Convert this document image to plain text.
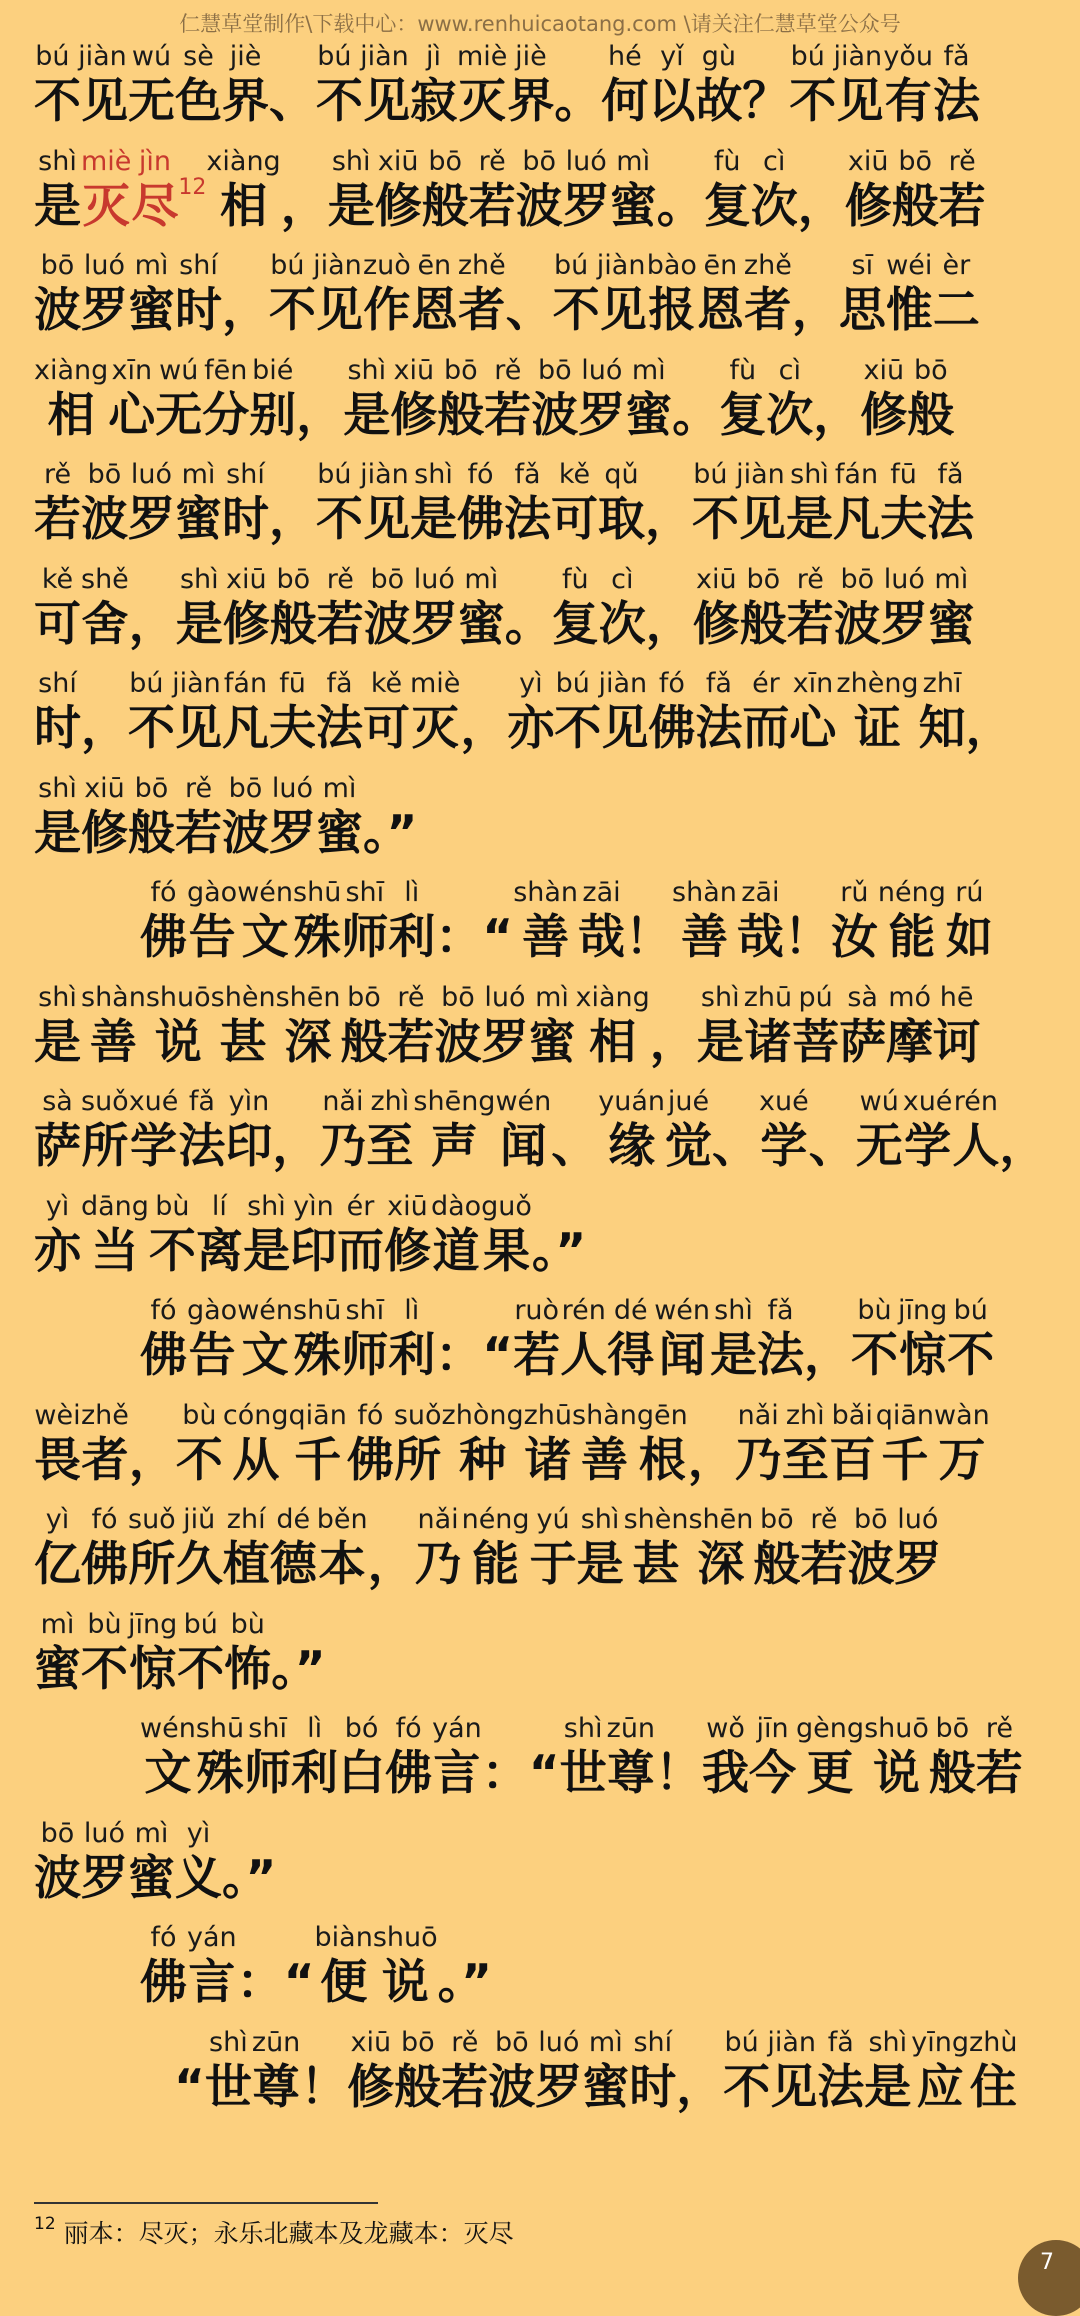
仁慧草堂制作\下载中心：www.renhuicaotang.com \请关注仁慧草堂公众号
bú jiàn
不见
wú
无
sè
色
jiè
界 、
bú jiàn
不见
jì
寂
miè
灭
jiè
界 。
hé
何
yǐ
以
gù
故 ？
bú jiàn
不见
yǒu
有
fǎ
法
shì
是
miè
灭
jìn
尽 12
xiàng
相 ，
shì
是
xiū
修
bō
般
rě
若
bō
波
luó
罗
mì
蜜 。
fù
复
cì
次 ，
xiū
修
bō
般
rě
若
bō
波
luó
罗
mì
蜜
shí
时 ，
bú jiàn
不见
zuò
作
ēn
恩
zhě
者 、
bú jiàn
不见
bào
报
ēn
恩
zhě
者 ，
sī
思
wéi
惟
èr
二
xiàng
相
xīn
心
wú
无
fēn
分
bié
别 ，
shì
是
xiū
修
bō
般
rě
若
bō
波
luó
罗
mì
蜜 。
fù
复
cì
次 ，
xiū
修
bō
般
rě
若
bō
波
luó
罗
mì
蜜
shí
时 ，
bú jiàn
不见
shì
是
fó
佛
fǎ
法
kě
可
qǔ
取 ，
bú jiàn
不见
shì
是
fán
凡
fū
夫
fǎ
法
kě
可
shě
舍 ，
shì
是
xiū
修
bō
般
rě
若
bō
波
luó
罗
mì
蜜 。
fù
复
cì
次 ，
xiū
修
bō
般
rě
若
bō
波
luó
罗
mì
蜜
shí
时 ，
bú jiàn
不见
fán
凡
fū
夫
fǎ
法
kě
可
miè
灭 ，
yì
亦
bú jiàn
不见
fó
佛
fǎ
法
ér
而
xīn
心
zhèng
证
zhī
知 ，
shì
是
xiū
修
bō
般
rě
若
bō
波
luó
罗
mì
蜜 。”
fó
佛
gào
告
wén
文
shū
殊
shī
师
lì
利 ：“
shàn
善
zāi
哉 ！
shàn
善
zāi
哉 ！
rǔ
汝
néng
能
rú
如
shì
是
shàn
善
shuō
说
shèn
甚
shēn
深
bō
般
rě
若
bō
波
luó
罗
mì
蜜
xiàng
相 ，
shì
是
zhū
诸
pú
菩
sà
萨
mó
摩
hē
诃
sà
萨
suǒ
所
xué
学
fǎ
法
yìn
印 ，
nǎi
乃
zhì
至
shēng
声
wén
闻 、
yuán
缘
jué
觉 、
xué
学 、
wú
无
xué
学
rén
人 ，
yì
亦
dāng
当
bù
不
lí
离
shì
是
yìn
印
ér
而
xiū
修
dào
道
guǒ
果 。”
fó
佛
gào
告
wén
文
shū
殊
shī
师
lì
利 ：“
ruò
若
rén
人
dé
得
wén
闻
shì
是
fǎ
法 ，
bù
不
jīng
惊
bú
不
wèi
畏
zhě
者 ，
bù
不
cóng
从
qiān
千
fó
佛
suǒ
所
zhòng
种
zhū
诸
shàn
善
gēn
根 ，
nǎi
乃
zhì
至
bǎi
百
qiān
千
wàn
万
yì
亿
fó
佛
suǒ
所
jiǔ
久
zhí
植
dé
德
běn
本 ，
nǎi
乃
néng
能
yú
于
shì
是
shèn
甚
shēn
深
bō
般
rě
若
bō
波
luó
罗
mì
蜜
bù
不
jīng
惊
bú
不
bù
怖 。”
wén
文
shū
殊
shī
师
lì
利
bó
白
fó
佛
yán
言 ：“
shì
世
zūn
尊 ！
wǒ
我
jīn
今
gèng
更
shuō
说
bō
般
rě
若
bō
波
luó
罗
mì
蜜
yì
义 。”
fó
佛
yán
言 ：“
biàn
便
shuō
说 。”
“
shì
世
zūn
尊 ！
xiū
修
bō
般
rě
若
bō
波
luó
罗
mì
蜜
shí
时 ，
bú jiàn
不见
fǎ
法
shì
是
yīng
应
zhù
住
$^{12}$ 丽本：尽灭；永乐北藏本及龙藏本：灭尽
7
